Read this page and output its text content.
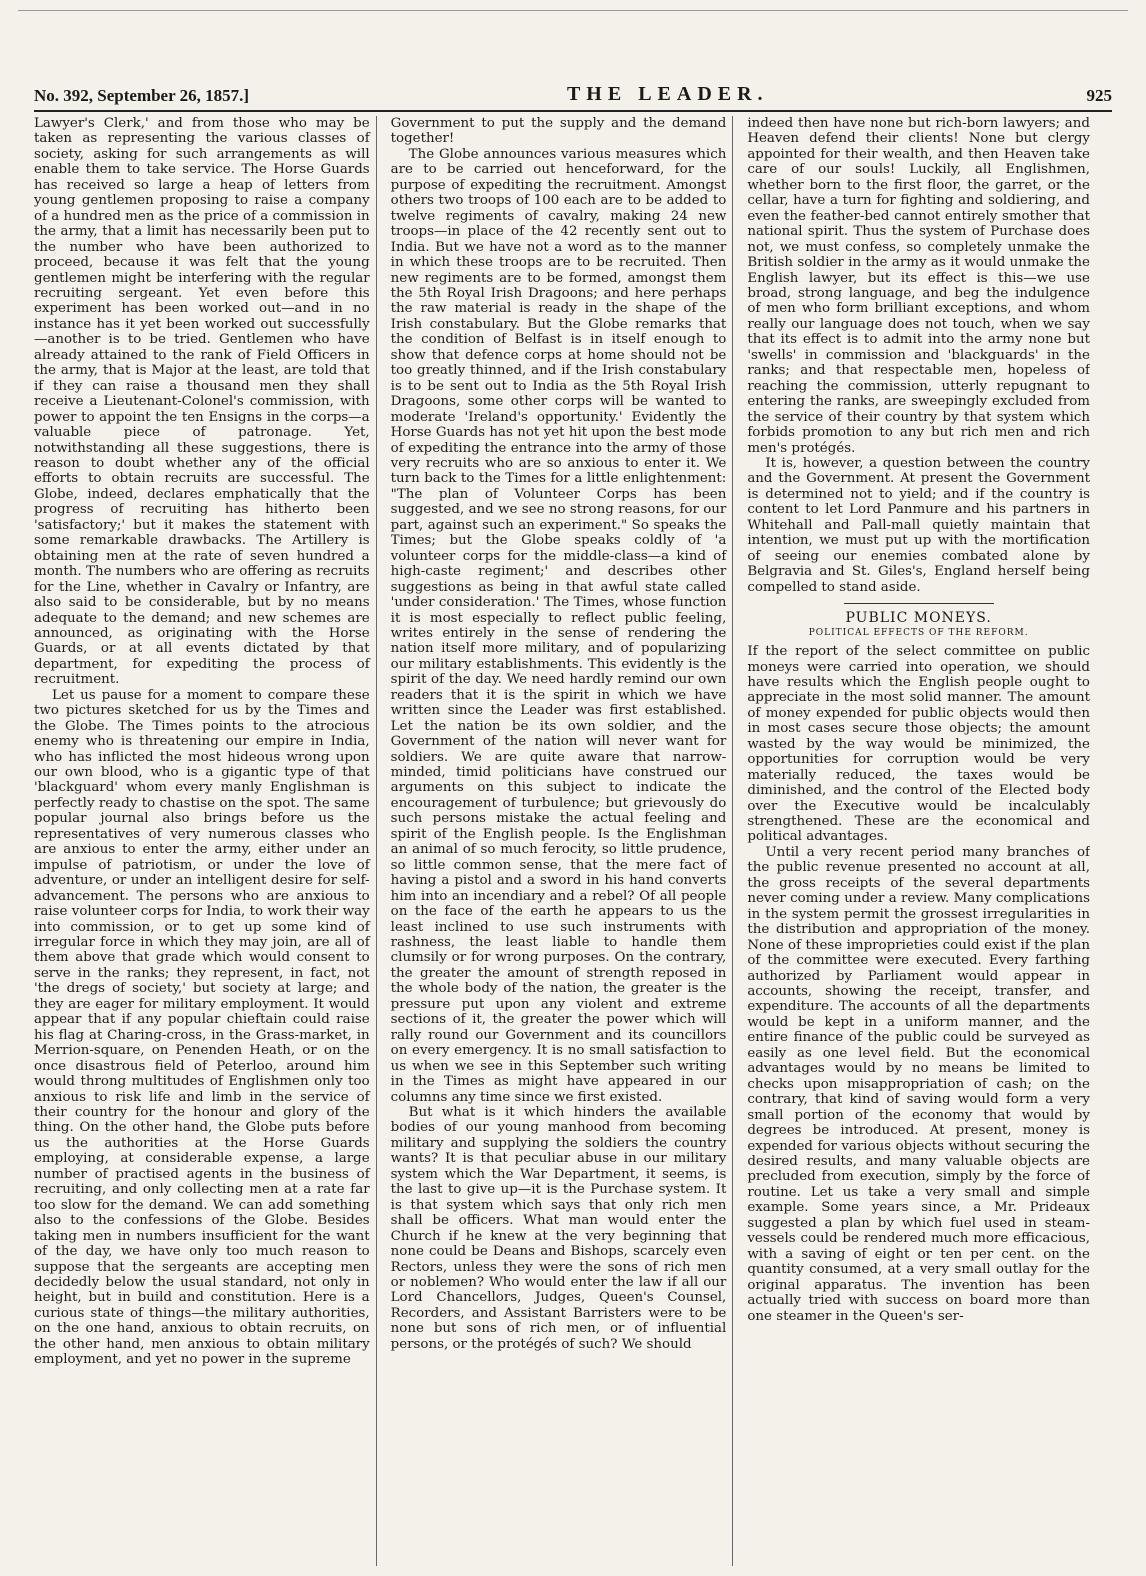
No. 392, September 26, 1857.]	THE LEADER.	925

Lawyer's Clerk,' and from those who may be taken as representing the various classes of society, asking for such arrangements as will enable them to take service. The Horse Guards has received so large a heap of letters from young gentlemen proposing to raise a company of a hundred men as the price of a commission in the army, that a limit has necessarily been put to the number who have been authorized to proceed, because it was felt that the young gentlemen might be interfering with the regular recruiting sergeant. Yet even before this experiment has been worked out—and in no instance has it yet been worked out successfully—another is to be tried. Gentlemen who have already attained to the rank of Field Officers in the army, that is Major at the least, are told that if they can raise a thousand men they shall receive a Lieutenant-Colonel's commission, with power to appoint the ten Ensigns in the corps—a valuable piece of patronage. Yet, notwithstanding all these suggestions, there is reason to doubt whether any of the official efforts to obtain recruits are successful. The Globe, indeed, declares emphatically that the progress of recruiting has hitherto been 'satisfactory;' but it makes the statement with some remarkable drawbacks. The Artillery is obtaining men at the rate of seven hundred a month. The numbers who are offering as recruits for the Line, whether in Cavalry or Infantry, are also said to be considerable, but by no means adequate to the demand; and new schemes are announced, as originating with the Horse Guards, or at all events dictated by that department, for expediting the process of recruitment.

Let us pause for a moment to compare these two pictures sketched for us by the Times and the Globe. The Times points to the atrocious enemy who is threatening our empire in India, who has inflicted the most hideous wrong upon our own blood, who is a gigantic type of that 'blackguard' whom every manly Englishman is perfectly ready to chastise on the spot. The same popular journal also brings before us the representatives of very numerous classes who are anxious to enter the army, either under an impulse of patriotism, or under the love of adventure, or under an intelligent desire for self-advancement. The persons who are anxious to raise volunteer corps for India, to work their way into commission, or to get up some kind of irregular force in which they may join, are all of them above that grade which would consent to serve in the ranks; they represent, in fact, not 'the dregs of society,' but society at large; and they are eager for military employment. It would appear that if any popular chieftain could raise his flag at Charing-cross, in the Grass-market, in Merrion-square, on Penenden Heath, or on the once disastrous field of Peterloo, around him would throng multitudes of Englishmen only too anxious to risk life and limb in the service of their country for the honour and glory of the thing. On the other hand, the Globe puts before us the authorities at the Horse Guards employing, at considerable expense, a large number of practised agents in the business of recruiting, and only collecting men at a rate far too slow for the demand. We can add something also to the confessions of the Globe. Besides taking men in numbers insufficient for the want of the day, we have only too much reason to suppose that the sergeants are accepting men decidedly below the usual standard, not only in height, but in build and constitution. Here is a curious state of things—the military authorities, on the one hand, anxious to obtain recruits, on the other hand, men anxious to obtain military employment, and yet no power in the supreme

Government to put the supply and the demand together!

The Globe announces various measures which are to be carried out henceforward, for the purpose of expediting the recruitment. Amongst others two troops of 100 each are to be added to twelve regiments of cavalry, making 24 new troops—in place of the 42 recently sent out to India. But we have not a word as to the manner in which these troops are to be recruited. Then new regiments are to be formed, amongst them the 5th Royal Irish Dragoons; and here perhaps the raw material is ready in the shape of the Irish constabulary. But the Globe remarks that the condition of Belfast is in itself enough to show that defence corps at home should not be too greatly thinned, and if the Irish constabulary is to be sent out to India as the 5th Royal Irish Dragoons, some other corps will be wanted to moderate 'Ireland's opportunity.' Evidently the Horse Guards has not yet hit upon the best mode of expediting the entrance into the army of those very recruits who are so anxious to enter it. We turn back to the Times for a little enlightenment: "The plan of Volunteer Corps has been suggested, and we see no strong reasons, for our part, against such an experiment." So speaks the Times; but the Globe speaks coldly of 'a volunteer corps for the middle-class—a kind of high-caste regiment;' and describes other suggestions as being in that awful state called 'under consideration.' The Times, whose function it is most especially to reflect public feeling, writes entirely in the sense of rendering the nation itself more military, and of popularizing our military establishments. This evidently is the spirit of the day. We need hardly remind our own readers that it is the spirit in which we have written since the Leader was first established. Let the nation be its own soldier, and the Government of the nation will never want for soldiers. We are quite aware that narrow-minded, timid politicians have construed our arguments on this subject to indicate the encouragement of turbulence; but grievously do such persons mistake the actual feeling and spirit of the English people. Is the Englishman an animal of so much ferocity, so little prudence, so little common sense, that the mere fact of having a pistol and a sword in his hand converts him into an incendiary and a rebel? Of all people on the face of the earth he appears to us the least inclined to use such instruments with rashness, the least liable to handle them clumsily or for wrong purposes. On the contrary, the greater the amount of strength reposed in the whole body of the nation, the greater is the pressure put upon any violent and extreme sections of it, the greater the power which will rally round our Government and its councillors on every emergency. It is no small satisfaction to us when we see in this September such writing in the Times as might have appeared in our columns any time since we first existed.

But what is it which hinders the available bodies of our young manhood from becoming military and supplying the soldiers the country wants? It is that peculiar abuse in our military system which the War Department, it seems, is the last to give up—it is the Purchase system. It is that system which says that only rich men shall be officers. What man would enter the Church if he knew at the very beginning that none could be Deans and Bishops, scarcely even Rectors, unless they were the sons of rich men or noblemen? Who would enter the law if all our Lord Chancellors, Judges, Queen's Counsel, Recorders, and Assistant Barristers were to be none but sons of rich men, or of influential persons, or the protégés of such? We should

indeed then have none but rich-born lawyers; and Heaven defend their clients! None but clergy appointed for their wealth, and then Heaven take care of our souls! Luckily, all Englishmen, whether born to the first floor, the garret, or the cellar, have a turn for fighting and soldiering, and even the feather-bed cannot entirely smother that national spirit. Thus the system of Purchase does not, we must confess, so completely unmake the British soldier in the army as it would unmake the English lawyer, but its effect is this—we use broad, strong language, and beg the indulgence of men who form brilliant exceptions, and whom really our language does not touch, when we say that its effect is to admit into the army none but 'swells' in commission and 'blackguards' in the ranks; and that respectable men, hopeless of reaching the commission, utterly repugnant to entering the ranks, are sweepingly excluded from the service of their country by that system which forbids promotion to any but rich men and rich men's protégés.

It is, however, a question between the country and the Government. At present the Government is determined not to yield; and if the country is content to let Lord Panmure and his partners in Whitehall and Pall-mall quietly maintain that intention, we must put up with the mortification of seeing our enemies combated alone by Belgravia and St. Giles's, England herself being compelled to stand aside.

PUBLIC MONEYS.
POLITICAL EFFECTS OF THE REFORM.

If the report of the select committee on public moneys were carried into operation, we should have results which the English people ought to appreciate in the most solid manner. The amount of money expended for public objects would then in most cases secure those objects; the amount wasted by the way would be minimized, the opportunities for corruption would be very materially reduced, the taxes would be diminished, and the control of the Elected body over the Executive would be incalculably strengthened. These are the economical and political advantages.

Until a very recent period many branches of the public revenue presented no account at all, the gross receipts of the several departments never coming under a review. Many complications in the system permit the grossest irregularities in the distribution and appropriation of the money. None of these improprieties could exist if the plan of the committee were executed. Every farthing authorized by Parliament would appear in accounts, showing the receipt, transfer, and expenditure. The accounts of all the departments would be kept in a uniform manner, and the entire finance of the public could be surveyed as easily as one level field. But the economical advantages would by no means be limited to checks upon misappropriation of cash; on the contrary, that kind of saving would form a very small portion of the economy that would by degrees be introduced. At present, money is expended for various objects without securing the desired results, and many valuable objects are precluded from execution, simply by the force of routine. Let us take a very small and simple example. Some years since, a Mr. Prideaux suggested a plan by which fuel used in steam-vessels could be rendered much more efficacious, with a saving of eight or ten per cent. on the quantity consumed, at a very small outlay for the original apparatus. The invention has been actually tried with success on board more than one steamer in the Queen's ser-
